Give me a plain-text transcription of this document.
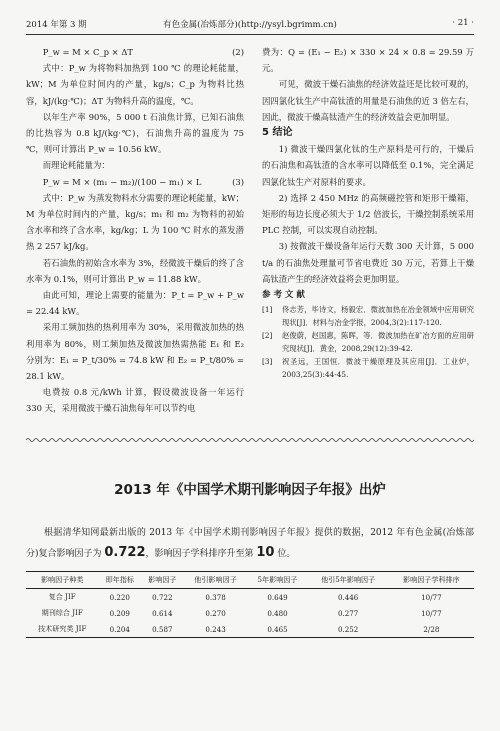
2014 年第 3 期	有色金属(冶炼部分)(http://ysyl.bgrimm.cn)	· 21 ·

P_w = M × C_p × ΔT	(2)

式中：P_w 为将物料加热到 100 ℃ 的理论耗能量，kW；M 为单位时间内的产量，kg/s；C_p 为物料比热容，kJ/(kg·℃)；ΔT 为物料升高的温度，℃。

以年生产率 90%，5 000 t 石油焦计算，已知石油焦的比热容为 0.8 kJ/(kg·℃)，石油焦升高的温度为 75 ℃，则可计算出 P_w = 10.56 kW。

而理论耗能量为：

P_w = M × (m₁ − m₂)/(100 − m₁) × L	(3)

式中：P_w 为蒸发物料水分需要的理论耗能量，kW；M 为单位时间内的产量，kg/s；m₁ 和 m₂ 为物料的初始含水率和终了含水率，kg/kg；L 为 100 ℃ 时水的蒸发潜热 2 257 kJ/kg。

若石油焦的初始含水率为 3%，经微波干燥后的终了含水率为 0.1%，则可计算出 P_w = 11.88 kW。

由此可知，理论上需要的能量为：P_t = P_w + P_w = 22.44 kW。

采用工频加热的热利用率为 30%，采用微波加热的热利用率为 80%，则工频加热及微波加热需热能 E₁ 和 E₂ 分别为：E₁ = P_t/30% = 74.8 kW 和 E₂ = P_t/80% = 28.1 kW。

电费按 0.8 元/kWh 计算，假设微波设备一年运行 330 天，采用微波干燥石油焦每年可以节约电

费为：Q = (E₁ − E₂) × 330 × 24 × 0.8 = 29.59 万元。

可见，微波干燥石油焦的经济效益还是比较可观的，因四氯化钛生产中高钛渣的用量是石油焦的近 3 倍左右，因此，微波干燥高钛渣产生的经济效益会更加明显。

5 结论

1) 微波干燥四氯化钛的生产原料是可行的，干燥后的石油焦和高钛渣的含水率可以降低至 0.1%，完全满足四氯化钛生产对原料的要求。

2) 选择 2 450 MHz 的高频磁控管和矩形干燥箱，矩形的每边长度必须大于 1/2 倍波长，干燥控制系统采用 PLC 控制，可以实现自动控制。

3) 按微波干燥设备年运行天数 300 天计算，5 000 t/a 的石油焦处理量可节省电费近 30 万元，若算上干燥高钛渣产生的经济效益将会更加明显。

参 考 文 献

[1] 佟志芳，毕诗文，杨毅宏．微波加热在冶金领域中应用研究现状[J]．材料与冶金学报，2004,3(2):117-120.

[2] 赵俊蔚，赵国惠，陈晖，等．微波加热在矿冶方面的应用研究现状[J]．黄金，2008,29(12):39-42.

[3] 祝圣远，王国恒．微波干燥原理及其应用[J]．工业炉，2003,25(3):44-45.

2013 年《中国学术期刊影响因子年报》出炉

根据清华知网最新出版的 2013 年《中国学术期刊影响因子年报》提供的数据，2012 年有色金属(冶炼部分)复合影响因子为 0.722，影响因子学科排序升至第 10 位。

影响因子种类	即年指标	影响因子	他引影响因子	5年影响因子	他引5年影响因子	影响因子学科排序
复合 JIF	0.220	0.722	0.378	0.649	0.446	10/77
期刊综合 JIF	0.209	0.614	0.270	0.480	0.277	10/77
技术研究类 JIF	0.204	0.587	0.243	0.465	0.252	2/28
